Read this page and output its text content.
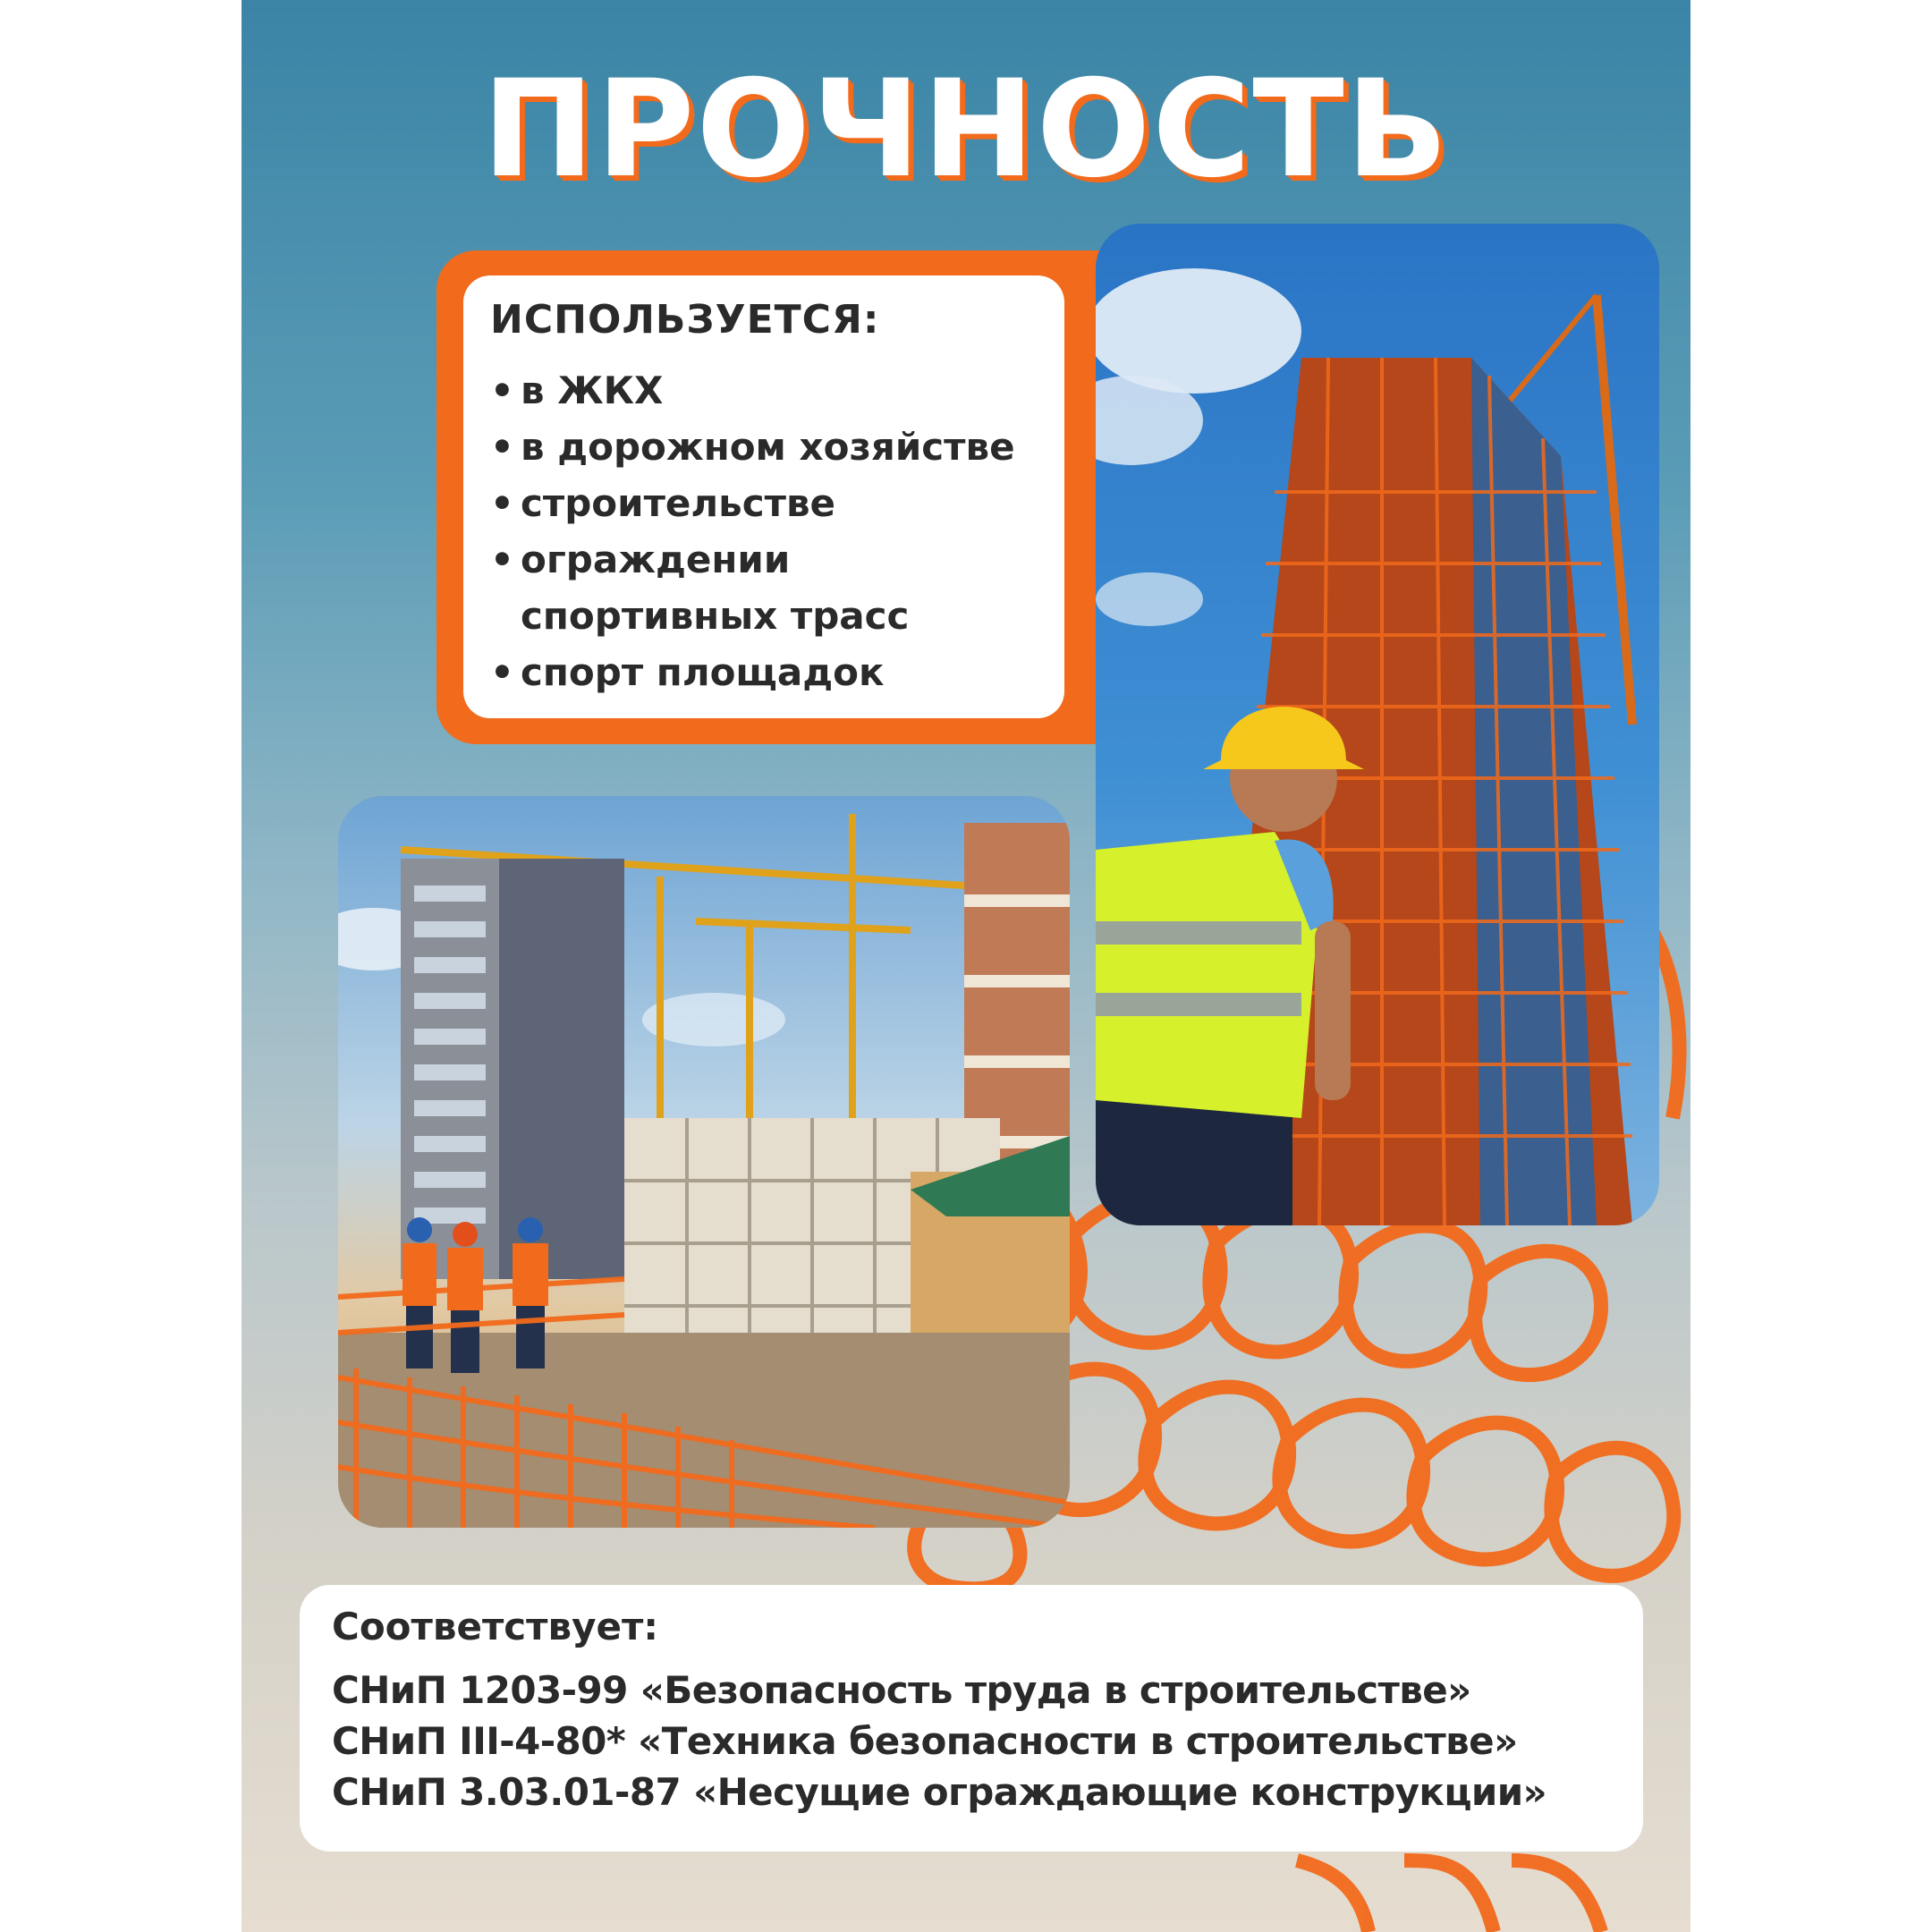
ПРОЧНОСТЬ
ИСПОЛЬЗУЕТСЯ:
• в ЖКХ
• в дорожном хозяйстве
• строительстве
• ограждении
спортивных трасс
• спорт площадок
Соответствует:
СНиП 1203-99 «Безопасность труда в строительстве»
СНиП III-4-80* «Техника безопасности в строительстве»
СНиП 3.03.01-87 «Несущие ограждающие конструкции»
